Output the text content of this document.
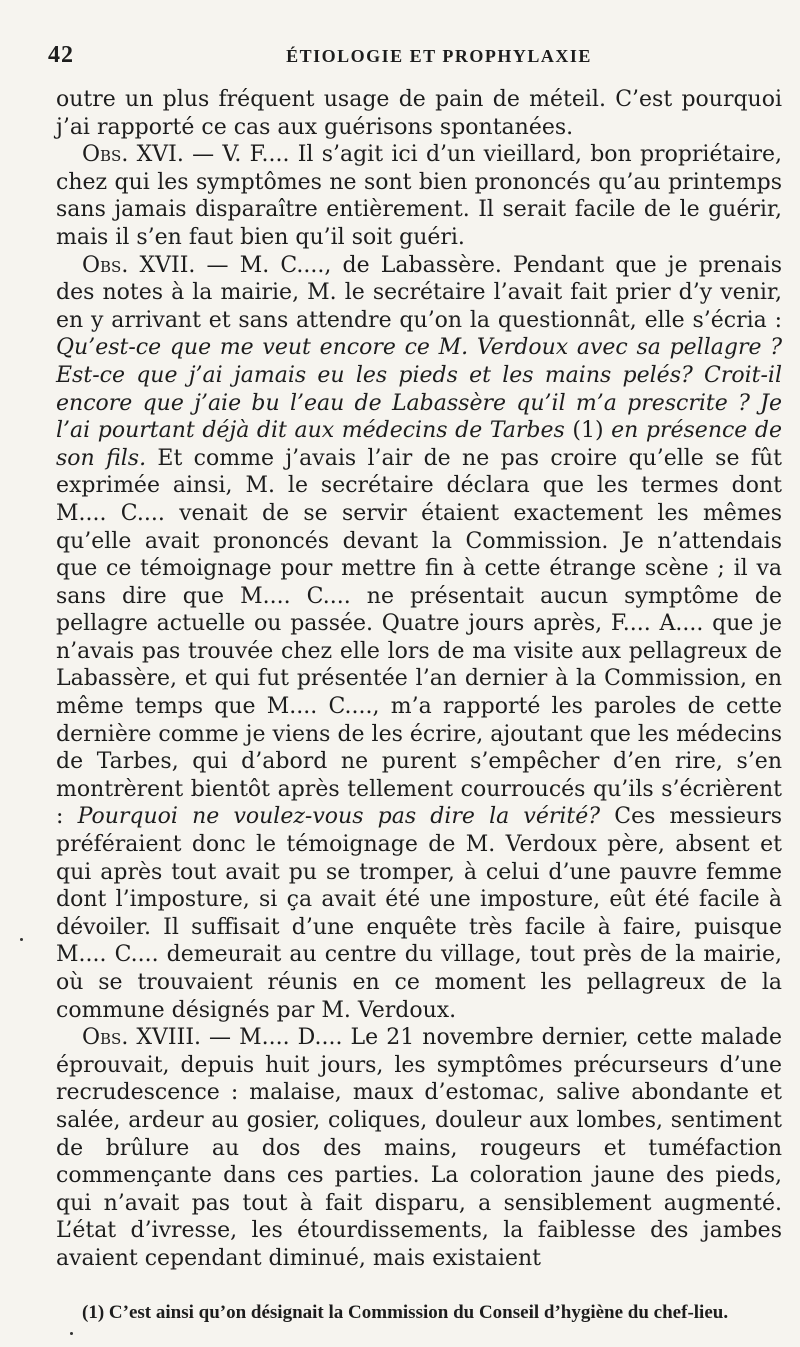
42	ÉTIOLOGIE ET PROPHYLAXIE

outre un plus fréquent usage de pain de méteil. C’est pourquoi j’ai rapporté ce cas aux guérisons spontanées.

Obs. XVI. — V. F.... Il s’agit ici d’un vieillard, bon propriétaire, chez qui les symptômes ne sont bien prononcés qu’au printemps sans jamais disparaître entièrement. Il serait facile de le guérir, mais il s’en faut bien qu’il soit guéri.

Obs. XVII. — M. C...., de Labassère. Pendant que je prenais des notes à la mairie, M. le secrétaire l’avait fait prier d’y venir, en y arrivant et sans attendre qu’on la questionnât, elle s’écria : Qu’est-ce que me veut encore ce M. Verdoux avec sa pellagre ? Est-ce que j’ai jamais eu les pieds et les mains pelés? Croit-il encore que j’aie bu l’eau de Labassère qu’il m’a prescrite ? Je l’ai pourtant déjà dit aux médecins de Tarbes (1) en présence de son fils. Et comme j’avais l’air de ne pas croire qu’elle se fût exprimée ainsi, M. le secrétaire déclara que les termes dont M.... C.... venait de se servir étaient exactement les mêmes qu’elle avait prononcés devant la Commission. Je n’attendais que ce témoignage pour mettre fin à cette étrange scène ; il va sans dire que M.... C.... ne présentait aucun symptôme de pellagre actuelle ou passée. Quatre jours après, F.... A.... que je n’avais pas trouvée chez elle lors de ma visite aux pellagreux de Labassère, et qui fut présentée l’an dernier à la Commission, en même temps que M.... C...., m’a rapporté les paroles de cette dernière comme je viens de les écrire, ajoutant que les médecins de Tarbes, qui d’abord ne purent s’empêcher d’en rire, s’en montrèrent bientôt après tellement courroucés qu’ils s’écrièrent : Pourquoi ne voulez-vous pas dire la vérité? Ces messieurs préféraient donc le témoignage de M. Verdoux père, absent et qui après tout avait pu se tromper, à celui d’une pauvre femme dont l’imposture, si ça avait été une imposture, eût été facile à dévoiler. Il suffisait d’une enquête très facile à faire, puisque M.... C.... demeurait au centre du village, tout près de la mairie, où se trouvaient réunis en ce moment les pellagreux de la commune désignés par M. Verdoux.

Obs. XVIII. — M.... D.... Le 21 novembre dernier, cette malade éprouvait, depuis huit jours, les symptômes précurseurs d’une recrudescence : malaise, maux d’estomac, salive abondante et salée, ardeur au gosier, coliques, douleur aux lombes, sentiment de brûlure au dos des mains, rougeurs et tuméfaction commençante dans ces parties. La coloration jaune des pieds, qui n’avait pas tout à fait disparu, a sensiblement augmenté. L’état d’ivresse, les étourdissements, la faiblesse des jambes avaient cependant diminué, mais existaient

(1) C’est ainsi qu’on désignait la Commission du Conseil d’hygiène du chef-lieu.
